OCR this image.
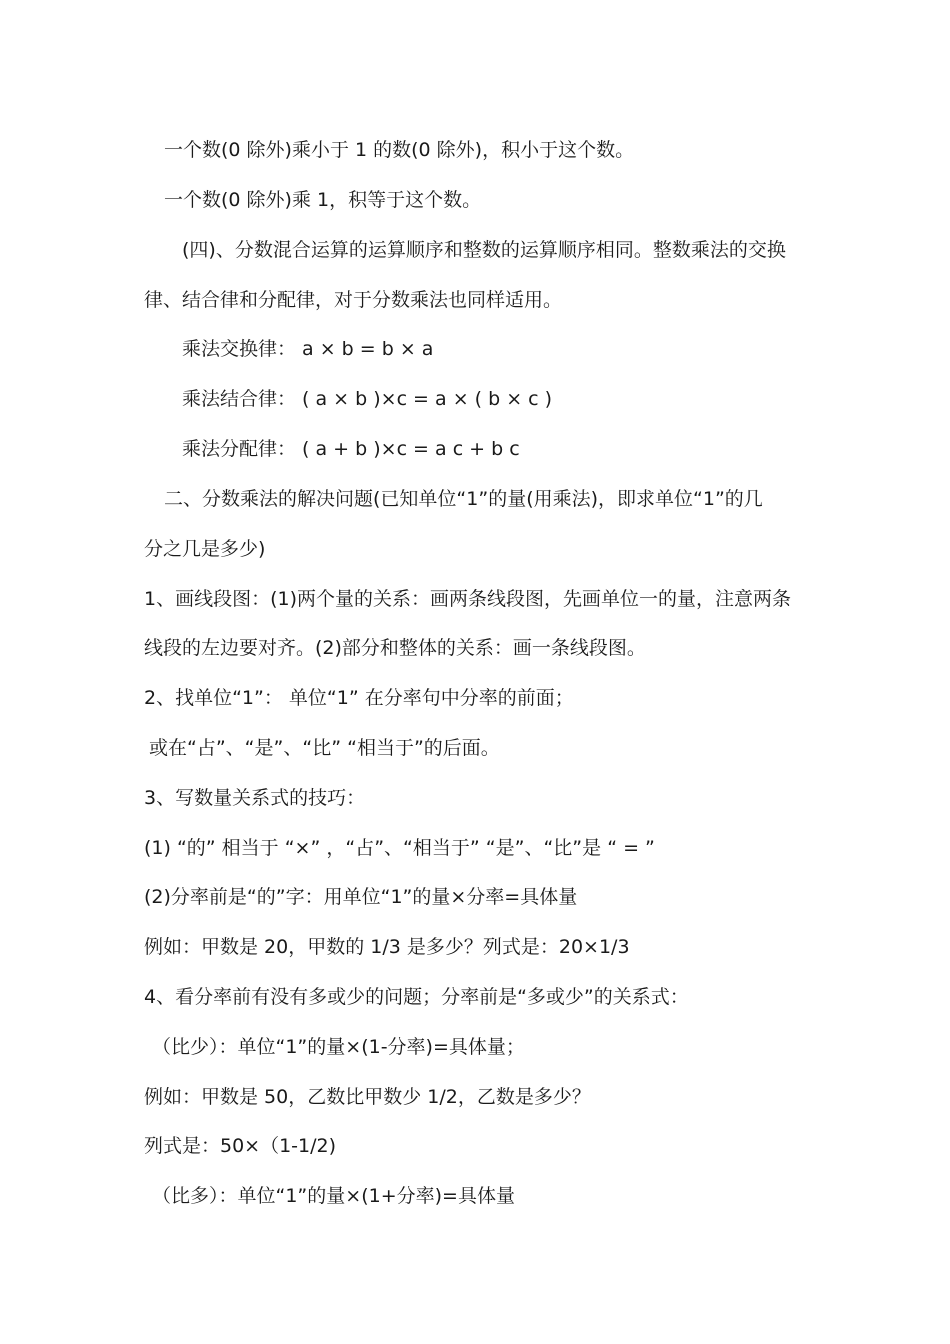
一个数(0 除外)乘小于 1 的数(0 除外)，积小于这个数。
一个数(0 除外)乘 1，积等于这个数。
(四)、分数混合运算的运算顺序和整数的运算顺序相同。整数乘法的交换
律、结合律和分配律，对于分数乘法也同样适用。
乘法交换律： a × b = b × a
乘法结合律： ( a × b )×c = a × ( b × c )
乘法分配律： ( a + b )×c = a c + b c
二、分数乘法的解决问题(已知单位“1”的量(用乘法)，即求单位“1”的几
分之几是多少)
1、画线段图：(1)两个量的关系：画两条线段图，先画单位一的量，注意两条
线段的左边要对齐。(2)部分和整体的关系：画一条线段图。
2、找单位“1”： 单位“1” 在分率句中分率的前面；
或在“占”、“是”、“比” “相当于”的后面。
3、写数量关系式的技巧：
(1) “的” 相当于 “×” ，“占”、“相当于” “是”、“比”是 “ = ”
(2)分率前是“的”字：用单位“1”的量×分率=具体量
例如：甲数是 20，甲数的 1/3 是多少？列式是：20×1/3
4、看分率前有没有多或少的问题；分率前是“多或少”的关系式：
（比少）：单位“1”的量×(1-分率)=具体量；
例如：甲数是 50，乙数比甲数少 1/2，乙数是多少？
列式是：50×（1-1/2)
（比多）：单位“1”的量×(1+分率)=具体量
